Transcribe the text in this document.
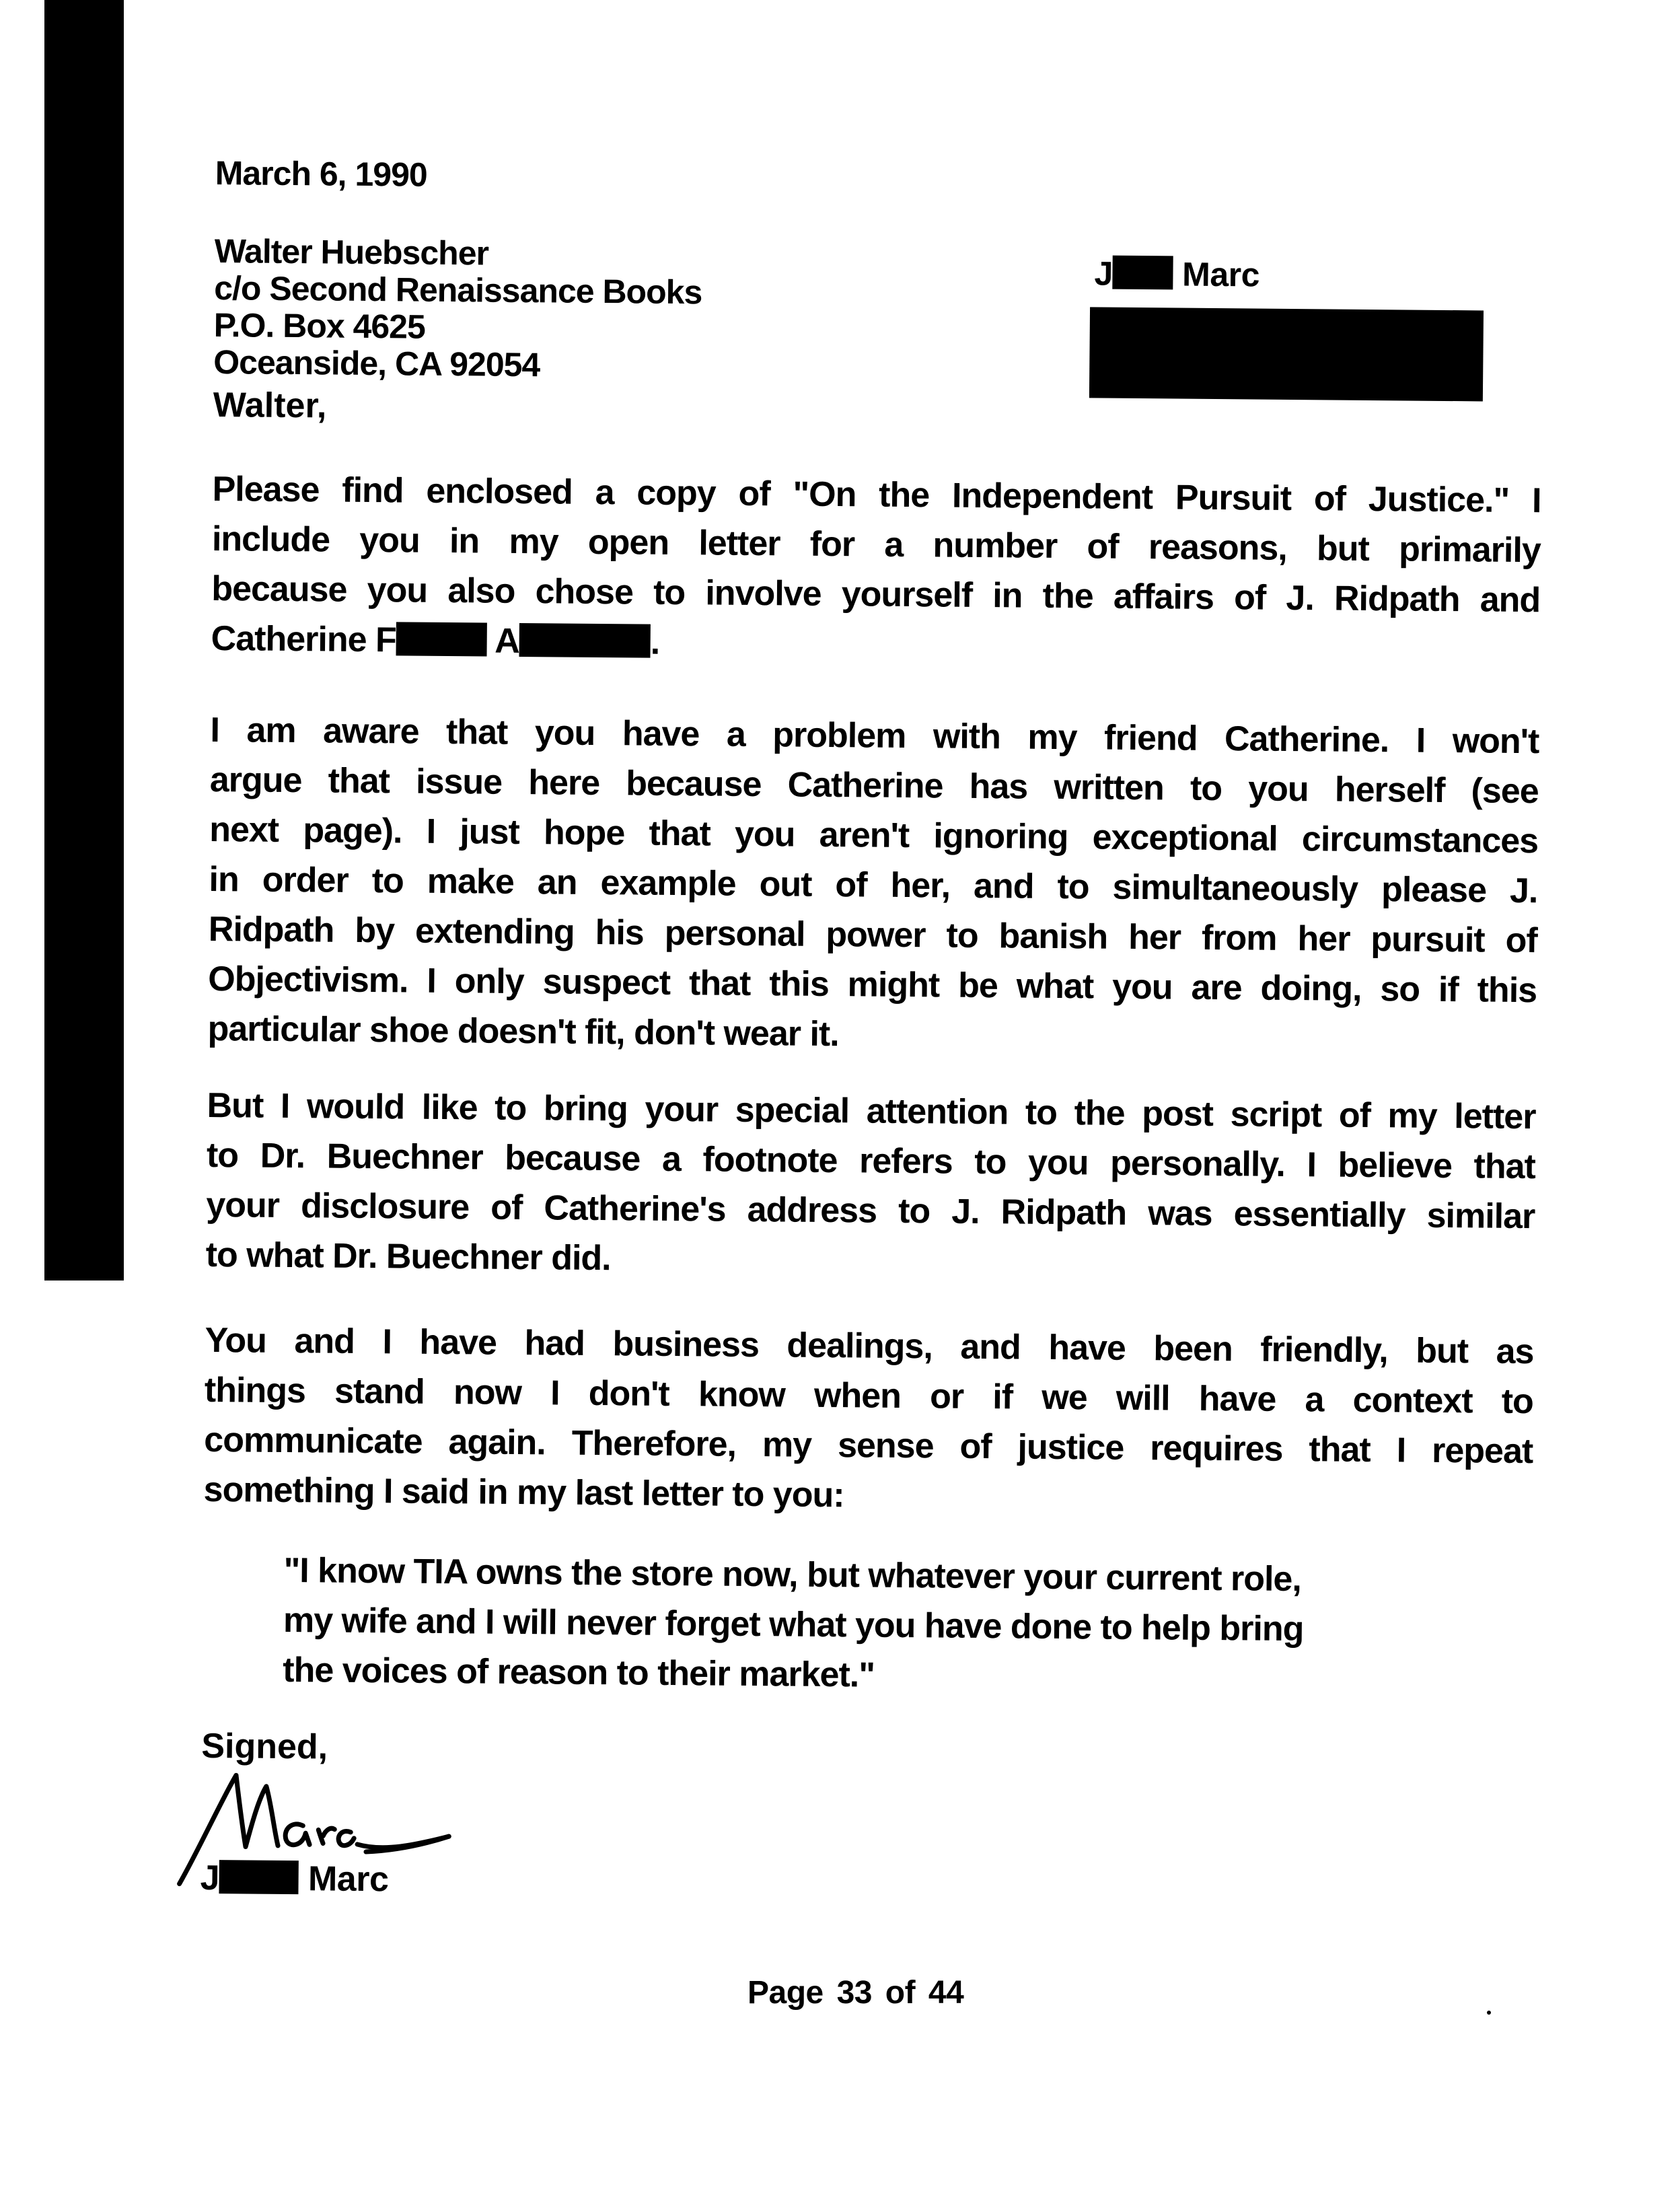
March 6, 1990
Walter Huebscher
c/o Second Renaissance Books
P.O. Box 4625
Oceanside, CA 92054
J Marc
Walter,
Please find enclosed a copy of "On the Independent Pursuit of Justice." I
include you in my open letter for a number of reasons, but primarily
because you also chose to involve yourself in the affairs of J. Ridpath and
Catherine F	A	.
I am aware that you have a problem with my friend Catherine. I won't
argue that issue here because Catherine has written to you herself (see
next page). I just hope that you aren't ignoring exceptional circumstances
in order to make an example out of her, and to simultaneously please J.
Ridpath by extending his personal power to banish her from her pursuit of
Objectivism. I only suspect that this might be what you are doing, so if this
particular shoe doesn't fit, don't wear it.
But I would like to bring your special attention to the post script of my letter
to Dr. Buechner because a footnote refers to you personally. I believe that
your disclosure of Catherine's address to J. Ridpath was essentially similar
to what Dr. Buechner did.
You and I have had business dealings, and have been friendly, but as
things stand now I don't know when or if we will have a context to
communicate again. Therefore, my sense of justice requires that I repeat
something I said in my last letter to you:
"I know TIA owns the store now, but whatever your current role,
my wife and I will never forget what you have done to help bring
the voices of reason to their market."
Signed,
J Marc
Page 33 of 44
